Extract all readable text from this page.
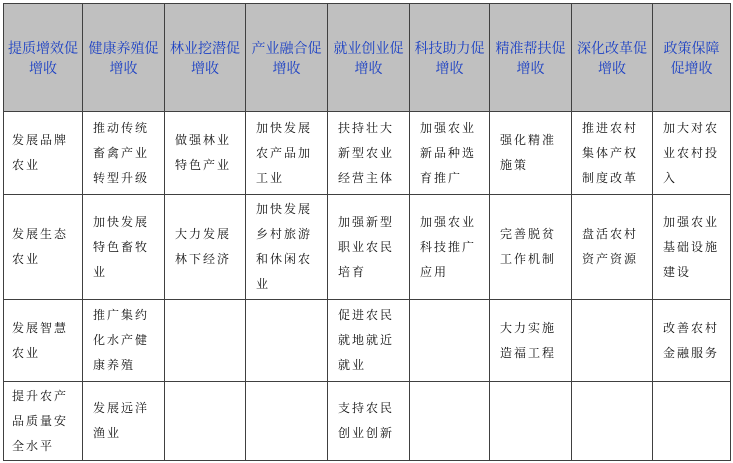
提质增效促增收	健康养殖促增收	林业挖潜促增收	产业融合促增收	就业创业促增收	科技助力促增收	精准帮扶促增收	深化改革促增收	政策保障促增收

发展品牌农业	推动传统畜禽产业转型升级	做强林业特色产业	加快发展农产品加工业	扶持壮大新型农业经营主体	加强农业新品种选育推广	强化精准施策	推进农村集体产权制度改革	加大对农业农村投入

发展生态农业	加快发展特色畜牧业	大力发展林下经济	加快发展乡村旅游和休闲农业	加强新型职业农民培育	加强农业科技推广应用	完善脱贫工作机制	盘活农村资产资源	加强农业基础设施建设

发展智慧农业	推广集约化水产健康养殖			促进农民就地就近就业		大力实施造福工程		改善农村金融服务

提升农产品质量安全水平	发展远洋渔业			支持农民创业创新				
